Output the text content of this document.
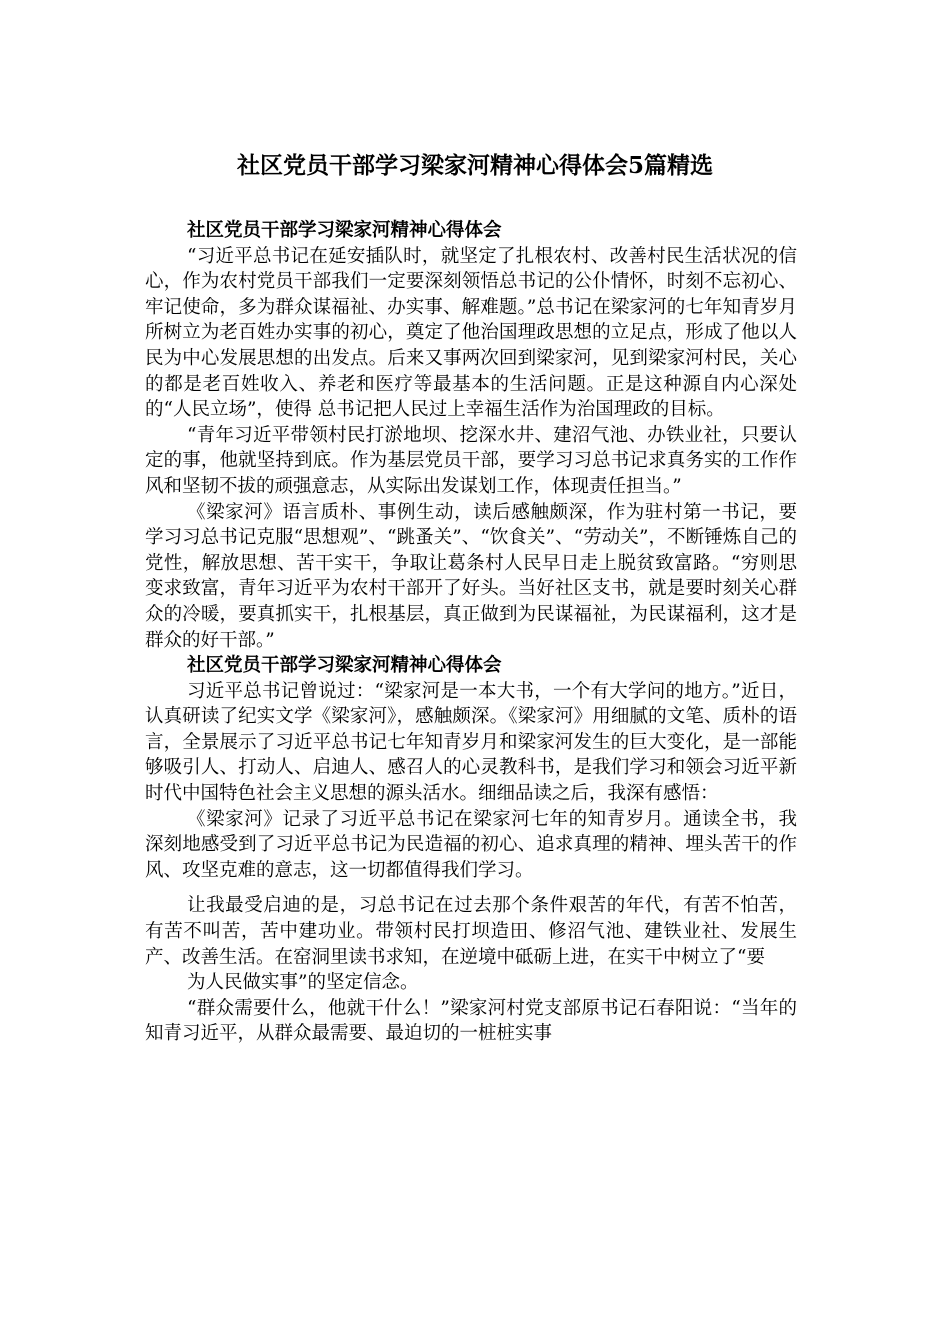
社区党员干部学习梁家河精神心得体会5篇精选
社区党员干部学习梁家河精神心得体会

“习近平总书记在延安插队时，就坚定了扎根农村、改善村民生活状况的信心，作为农村党员干部我们一定要深刻领悟总书记的公仆情怀，时刻不忘初心、牢记使命，多为群众谋福祉、办实事、解难题。”总书记在梁家河的七年知青岁月所树立为老百姓办实事的初心，奠定了他治国理政思想的立足点，形成了他以人民为中心发展思想的出发点。后来又事两次回到梁家河，见到梁家河村民，关心的都是老百姓收入、养老和医疗等最基本的生活问题。正是这种源自内心深处的“人民立场”，使得 总书记把人民过上幸福生活作为治国理政的目标。

“青年习近平带领村民打淤地坝、挖深水井、建沼气池、办铁业社，只要认定的事，他就坚持到底。作为基层党员干部，要学习习总书记求真务实的工作作风和坚韧不拔的顽强意志，从实际出发谋划工作，体现责任担当。”

《梁家河》语言质朴、事例生动，读后感触颇深，作为驻村第一书记，要学习习总书记克服“思想观”、“跳蚤关”、“饮食关”、“劳动关”，不断锤炼自己的党性，解放思想、苦干实干，争取让葛条村人民早日走上脱贫致富路。“穷则思变求致富，青年习近平为农村干部开了好头。当好社区支书，就是要时刻关心群众的冷暖，要真抓实干，扎根基层，真正做到为民谋福祉，为民谋福利，这才是群众的好干部。”

社区党员干部学习梁家河精神心得体会

习近平总书记曾说过：“梁家河是一本大书，一个有大学问的地方。”近日，认真研读了纪实文学《梁家河》，感触颇深。《梁家河》用细腻的文笔、质朴的语言，全景展示了习近平总书记七年知青岁月和梁家河发生的巨大变化，是一部能够吸引人、打动人、启迪人、感召人的心灵教科书，是我们学习和领会习近平新时代中国特色社会主义思想的源头活水。细细品读之后，我深有感悟：

《梁家河》记录了习近平总书记在梁家河七年的知青岁月。通读全书，我深刻地感受到了习近平总书记为民造福的初心、追求真理的精神、埋头苦干的作风、攻坚克难的意志，这一切都值得我们学习。

让我最受启迪的是，习总书记在过去那个条件艰苦的年代，有苦不怕苦，有苦不叫苦，苦中建功业。带领村民打坝造田、修沼气池、建铁业社、发展生产、改善生活。在窑洞里读书求知，在逆境中砥砺上进，在实干中树立了“要

为人民做实事”的坚定信念。

“群众需要什么，他就干什么！”梁家河村党支部原书记石春阳说：“当年的知青习近平，从群众最需要、最迫切的一桩桩实事
